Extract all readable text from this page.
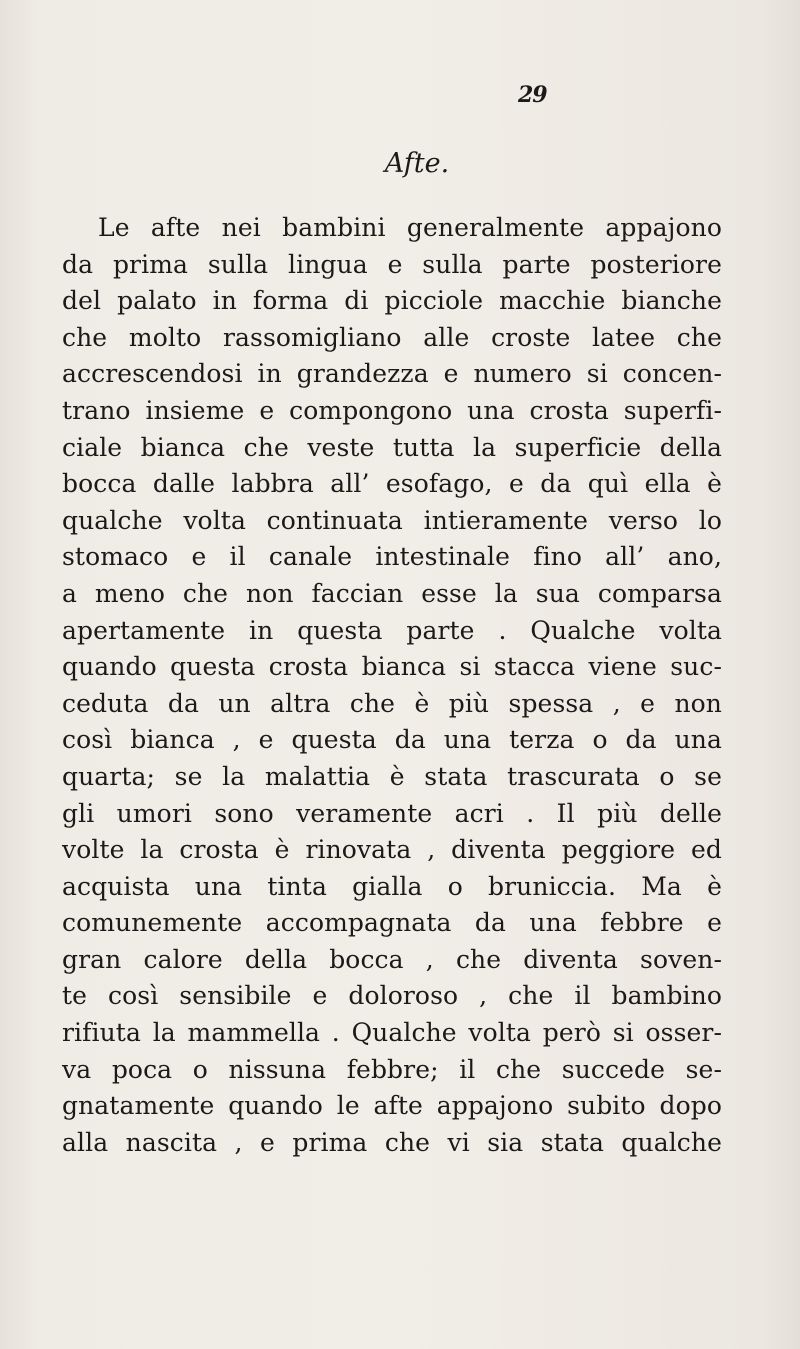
29
Afte.
Le afte nei bambini generalmente appajono
da prima sulla lingua e sulla parte posteriore
del palato in forma di picciole macchie bianche
che molto rassomigliano alle croste latee che
accrescendosi in grandezza e numero si concen-
trano insieme e compongono una crosta superfi-
ciale bianca che veste tutta la superficie della
bocca dalle labbra all’ esofago, e da quì ella è
qualche volta continuata intieramente verso lo
stomaco e il canale intestinale fino all’ ano,
a meno che non faccian esse la sua comparsa
apertamente in questa parte . Qualche volta
quando questa crosta bianca si stacca viene suc-
ceduta da un altra che è più spessa , e non
così bianca , e questa da una terza o da una
quarta; se la malattia è stata trascurata o se
gli umori sono veramente acri . Il più delle
volte la crosta è rinovata , diventa peggiore ed
acquista una tinta gialla o bruniccia. Ma è
comunemente accompagnata da una febbre e
gran calore della bocca , che diventa soven-
te così sensibile e doloroso , che il bambino
rifiuta la mammella . Qualche volta però si osser-
va poca o nissuna febbre; il che succede se-
gnatamente quando le afte appajono subito dopo
alla nascita , e prima che vi sia stata qualche
